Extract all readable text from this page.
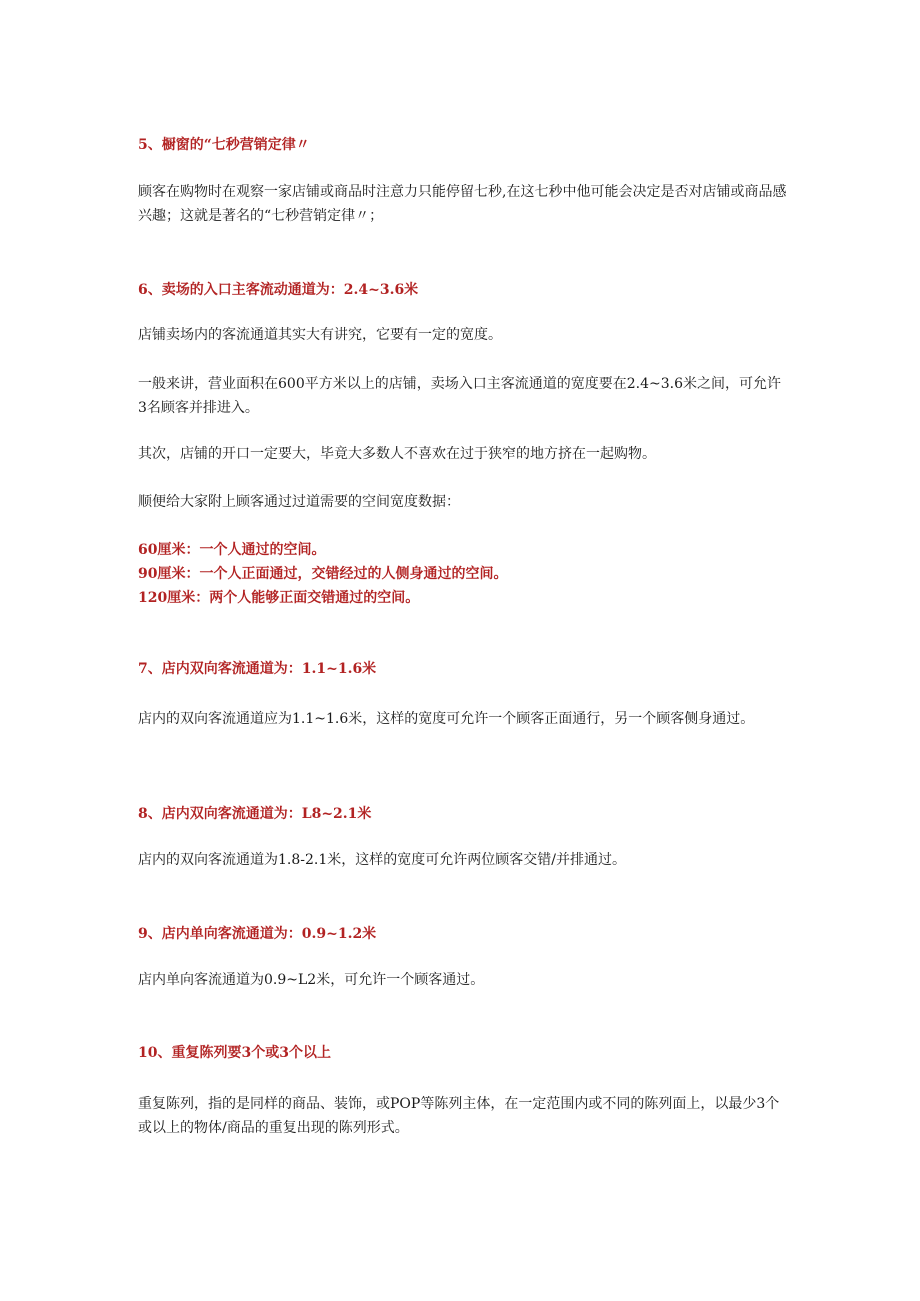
5、橱窗的“七秒营销定律〃

顾客在购物时在观察一家店铺或商品时注意力只能停留七秒,在这七秒中他可能会决定是否对店铺或商品感兴趣；这就是著名的“七秒营销定律〃；

6、卖场的入口主客流动通道为：2.4~3.6米

店铺卖场内的客流通道其实大有讲究，它要有一定的宽度。

一般来讲，营业面积在600平方米以上的店铺，卖场入口主客流通道的宽度要在2.4~3.6米之间，可允许3名顾客并排进入。

其次，店铺的开口一定要大，毕竟大多数人不喜欢在过于狭窄的地方挤在一起购物。

顺便给大家附上顾客通过过道需要的空间宽度数据：

60厘米：一个人通过的空间。
90厘米：一个人正面通过，交错经过的人侧身通过的空间。
120厘米：两个人能够正面交错通过的空间。

7、店内双向客流通道为：1.1~1.6米

店内的双向客流通道应为1.1~1.6米，这样的宽度可允许一个顾客正面通行，另一个顾客侧身通过。

8、店内双向客流通道为：L8~2.1米

店内的双向客流通道为1.8-2.1米，这样的宽度可允许两位顾客交错/并排通过。

9、店内单向客流通道为：0.9~1.2米

店内单向客流通道为0.9~L2米，可允许一个顾客通过。

10、重复陈列要3个或3个以上

重复陈列，指的是同样的商品、装饰，或POP等陈列主体，在一定范围内或不同的陈列面上，以最少3个或以上的物体/商品的重复出现的陈列形式。
